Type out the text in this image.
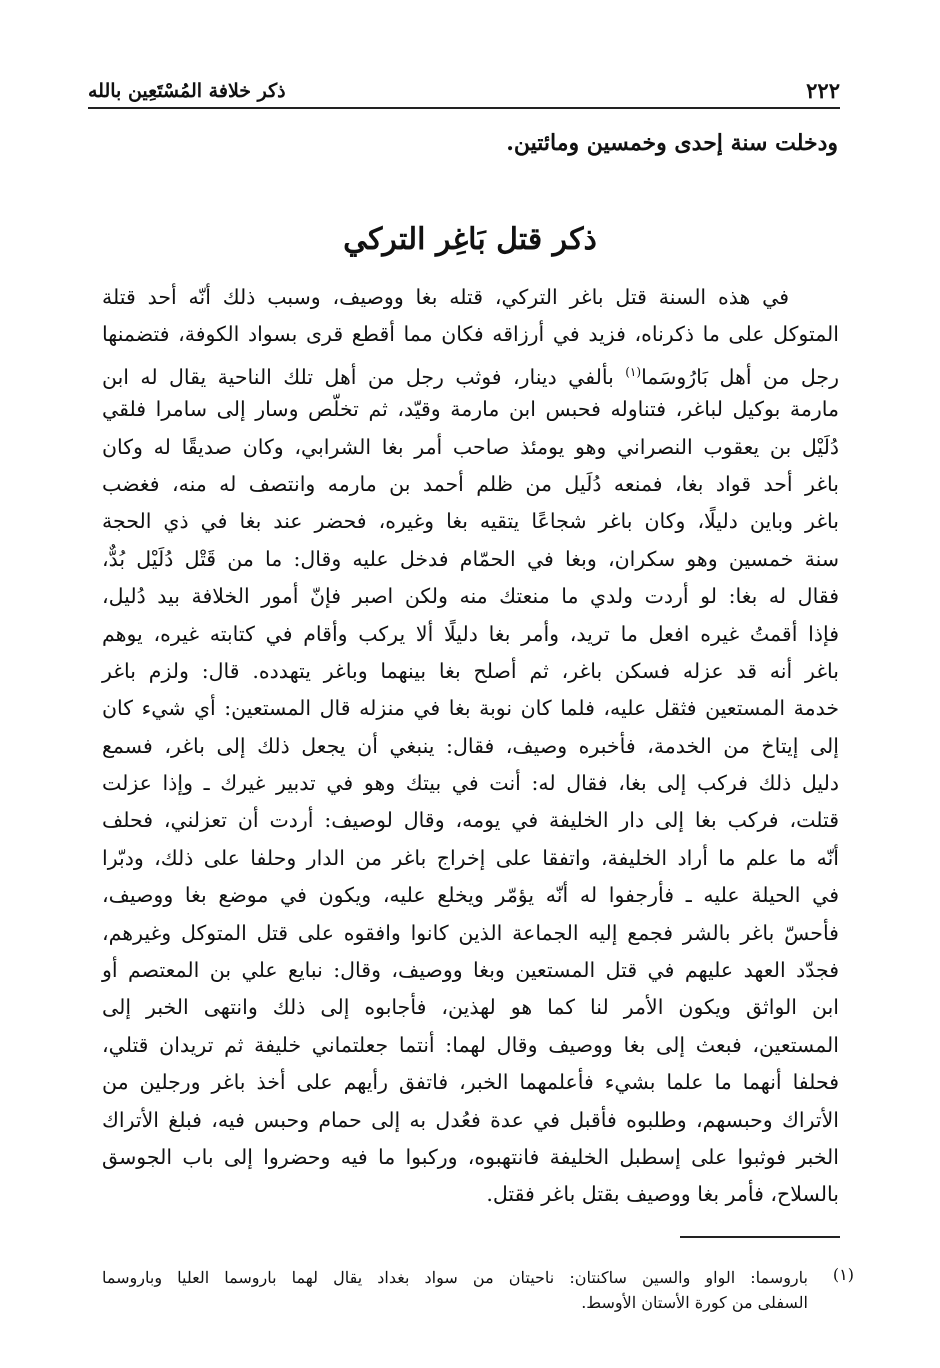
٢٢٢
ذكر خلافة المُسْتَعِين بالله
ودخلت سنة إحدى وخمسين ومائتين.
ذكر قتل بَاغِر التركي
في هذه السنة قتل باغر التركي، قتله بغا ووصيف، وسبب ذلك أنّه أحد قتلة
المتوكل على ما ذكرناه، فزيد في أرزاقه فكان مما أقطع قرى بسواد الكوفة، فتضمنها
رجل من أهل بَارُوسَما$^{(١)}$ بألفي دينار، فوثب رجل من أهل تلك الناحية يقال له ابن
مارمة بوكيل لباغر، فتناوله فحبس ابن مارمة وقيّد، ثم تخلّص وسار إلى سامرا فلقي
دُلَيْل بن يعقوب النصراني وهو يومئذ صاحب أمر بغا الشرابي، وكان صديقًا له وكان
باغر أحد قواد بغا، فمنعه دُلَيل من ظلم أحمد بن مارمه وانتصف له منه، فغضب
باغر وباين دليلًا، وكان باغر شجاعًا يتقيه بغا وغيره، فحضر عند بغا في ذي الحجة
سنة خمسين وهو سكران، وبغا في الحمّام فدخل عليه وقال: ما من قَتْل دُلَيْل بُدٌّ،
فقال له بغا: لو أردت ولدي ما منعتك منه ولكن اصبر فإنّ أمور الخلافة بيد دُليل،
فإذا أقمتُ غيره افعل ما تريد، وأمر بغا دليلًا ألا يركب وأقام في كتابته غيره، يوهم
باغر أنه قد عزله فسكن باغر، ثم أصلح بغا بينهما وباغر يتهدده. قال: ولزم باغر
خدمة المستعين فثقل عليه، فلما كان نوبة بغا في منزله قال المستعين: أي شيء كان
إلى إيتاخ من الخدمة، فأخبره وصيف، فقال: ينبغي أن يجعل ذلك إلى باغر، فسمع
دليل ذلك فركب إلى بغا، فقال له: أنت في بيتك وهو في تدبير غيرك ـ وإذا عزلت
قتلت، فركب بغا إلى دار الخليفة في يومه، وقال لوصيف: أردت أن تعزلني، فحلف
أنّه ما علم ما أراد الخليفة، واتفقا على إخراج باغر من الدار وحلفا على ذلك، ودبّرا
في الحيلة عليه ـ فأرجفوا له أنّه يؤمّر ويخلع عليه، ويكون في موضع بغا ووصيف،
فأحسّ باغر بالشر فجمع إليه الجماعة الذين كانوا وافقوه على قتل المتوكل وغيرهم،
فجدّد العهد عليهم في قتل المستعين وبغا ووصيف، وقال: نبايع علي بن المعتصم أو
ابن الواثق ويكون الأمر لنا كما هو لهذين، فأجابوه إلى ذلك وانتهى الخبر إلى
المستعين، فبعث إلى بغا ووصيف وقال لهما: أنتما جعلتماني خليفة ثم تريدان قتلي،
فحلفا أنهما ما علما بشيء فأعلمهما الخبر، فاتفق رأيهم على أخذ باغر ورجلين من
الأتراك وحبسهم، وطلبوه فأقبل في عدة فعُدل به إلى حمام وحبس فيه، فبلغ الأتراك
الخبر فوثبوا على إسطبل الخليفة فانتهبوه، وركبوا ما فيه وحضروا إلى باب الجوسق
بالسلاح، فأمر بغا ووصيف بقتل باغر فقتل.
(١)
باروسما: الواو والسين ساكنتان: ناحيتان من سواد بغداد يقال لهما باروسما العليا وباروسما
السفلى من كورة الأستان الأوسط.
